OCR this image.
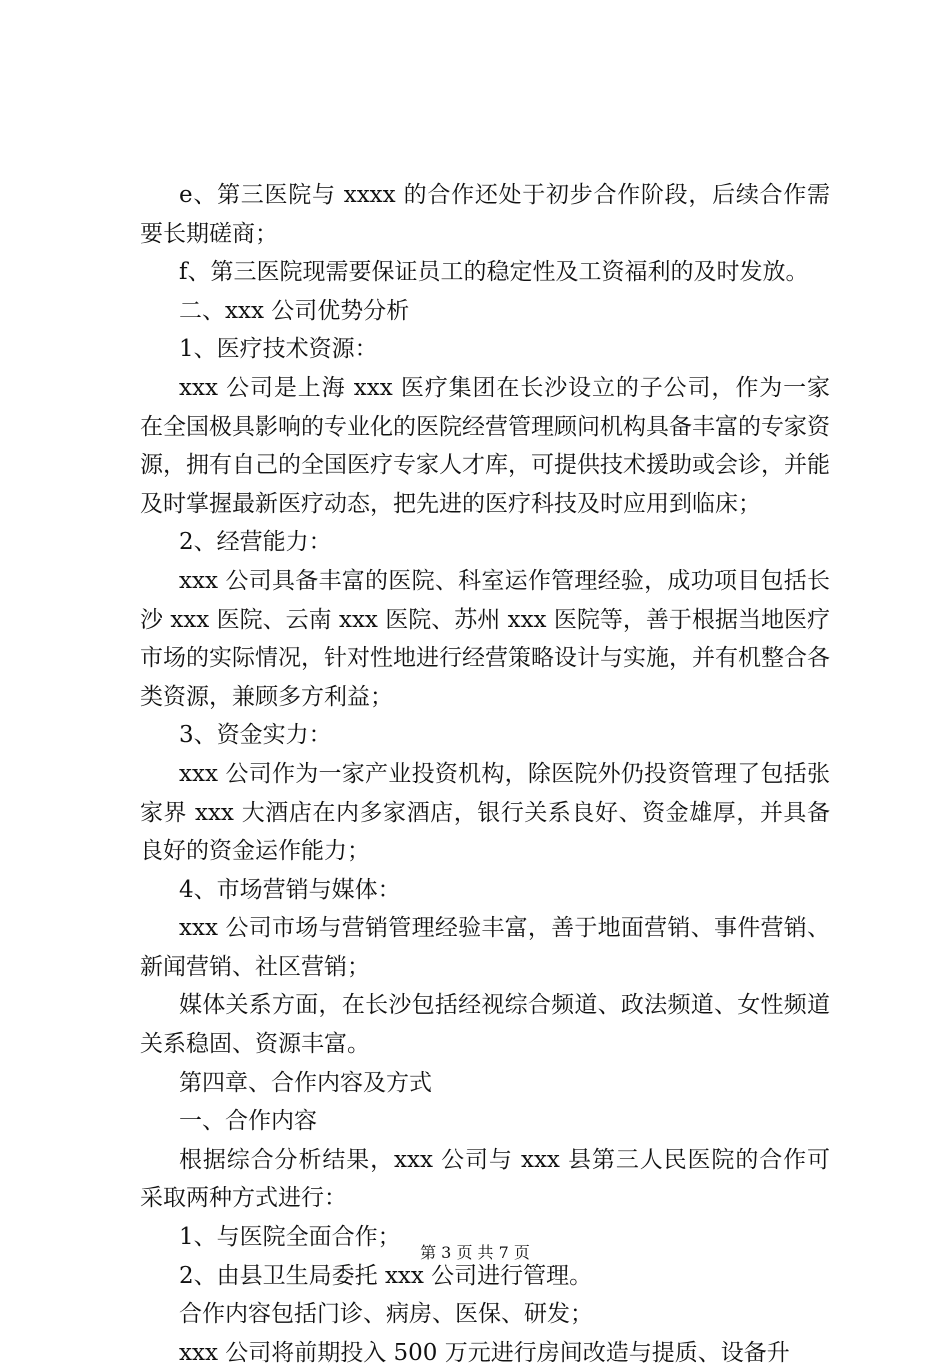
e、第三医院与 xxxx 的合作还处于初步合作阶段，后续合作需要长期磋商；

f、第三医院现需要保证员工的稳定性及工资福利的及时发放。

二、xxx 公司优势分析

1、医疗技术资源：

xxx 公司是上海 xxx 医疗集团在长沙设立的子公司，作为一家在全国极具影响的专业化的医院经营管理顾问机构具备丰富的专家资源，拥有自己的全国医疗专家人才库，可提供技术援助或会诊，并能及时掌握最新医疗动态，把先进的医疗科技及时应用到临床；

2、经营能力：

xxx 公司具备丰富的医院、科室运作管理经验，成功项目包括长沙 xxx 医院、云南 xxx 医院、苏州 xxx 医院等，善于根据当地医疗市场的实际情况，针对性地进行经营策略设计与实施，并有机整合各类资源，兼顾多方利益；

3、资金实力：

xxx 公司作为一家产业投资机构，除医院外仍投资管理了包括张家界 xxx 大酒店在内多家酒店，银行关系良好、资金雄厚，并具备良好的资金运作能力；

4、市场营销与媒体：

xxx 公司市场与营销管理经验丰富，善于地面营销、事件营销、新闻营销、社区营销；

媒体关系方面，在长沙包括经视综合频道、政法频道、女性频道关系稳固、资源丰富。

第四章、合作内容及方式

一、合作内容

根据综合分析结果，xxx 公司与 xxx 县第三人民医院的合作可采取两种方式进行：

1、与医院全面合作；

2、由县卫生局委托 xxx 公司进行管理。

合作内容包括门诊、病房、医保、研发；

xxx 公司将前期投入 500 万元进行房间改造与提质、设备升

第 3 页 共 7 页
